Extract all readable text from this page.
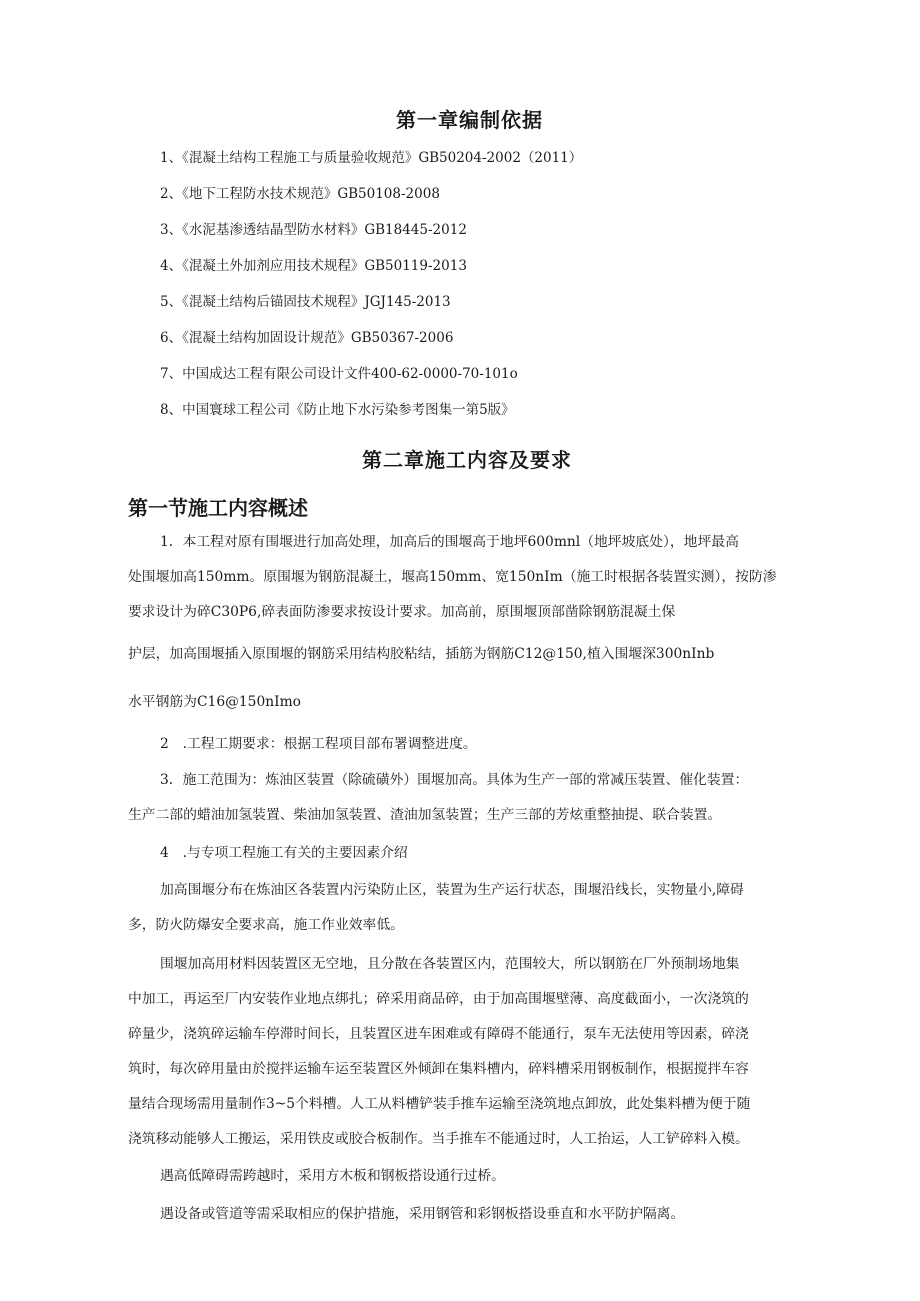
第一章编制依据
1、《混凝土结构工程施工与质量验收规范》GB50204-2002（2011）
2、《地下工程防水技术规范》GB50108-2008
3、《水泥基渗透结晶型防水材料》GB18445-2012
4、《混凝土外加剂应用技术规程》GB50119-2013
5、《混凝土结构后锚固技术规程》JGJ145-2013
6、《混凝土结构加固设计规范》GB50367-2006
7、中国成达工程有限公司设计文件400-62-0000-70-101o
8、中国寰球工程公司《防止地下水污染参考图集一第5版》
第二章施工内容及要求
第一节施工内容概述
1．本工程对原有围堰进行加高处理，加高后的围堰高于地坪600mnl（地坪坡底处），地坪最高
处围堰加高150mm。原围堰为钢筋混凝土，堰高150mm、宽150nIm（施工时根据各装置实测），按防渗
要求设计为碎C30P6,碎表面防渗要求按设计要求。加高前，原围堰顶部凿除钢筋混凝土保
护层，加高围堰插入原围堰的钢筋采用结构胶粘结，插筋为钢筋C12@150,植入围堰深300nInb
水平钢筋为C16@150nImo
2　.工程工期要求：根据工程项目部布署调整进度。
3．施工范围为：炼油区装置（除硫磺外）围堰加高。具体为生产一部的常减压装置、催化装置：
生产二部的蜡油加氢装置、柴油加氢装置、渣油加氢装置；生产三部的芳炫重整抽提、联合装置。
4　.与专项工程施工有关的主要因素介绍
加高围堰分布在炼油区各装置内污染防止区，装置为生产运行状态，围堰沿线长，实物量小,障碍
多，防火防爆安全要求高，施工作业效率低。
围堰加高用材料因装置区无空地，且分散在各装置区内，范围较大，所以钢筋在厂外预制场地集
中加工，再运至厂内安装作业地点绑扎；碎采用商品碎，由于加高围堰壁薄、高度截面小，一次浇筑的
碎量少，浇筑碎运输车停滞时间长，且装置区进车困难或有障碍不能通行，泵车无法使用等因素，碎浇
筑时，每次碎用量由於搅拌运输车运至装置区外倾卸在集料槽内，碎料槽采用钢板制作，根据搅拌车容
量结合现场需用量制作3~5个料槽。人工从料槽铲装手推车运输至浇筑地点卸放，此处集料槽为便于随
浇筑移动能够人工搬运，采用铁皮或胶合板制作。当手推车不能通过时，人工抬运，人工铲碎料入模。
遇高低障碍需跨越时，采用方木板和钢板搭设通行过桥。
遇设备或管道等需采取相应的保护措施，采用钢管和彩钢板搭设垂直和水平防护隔离。
